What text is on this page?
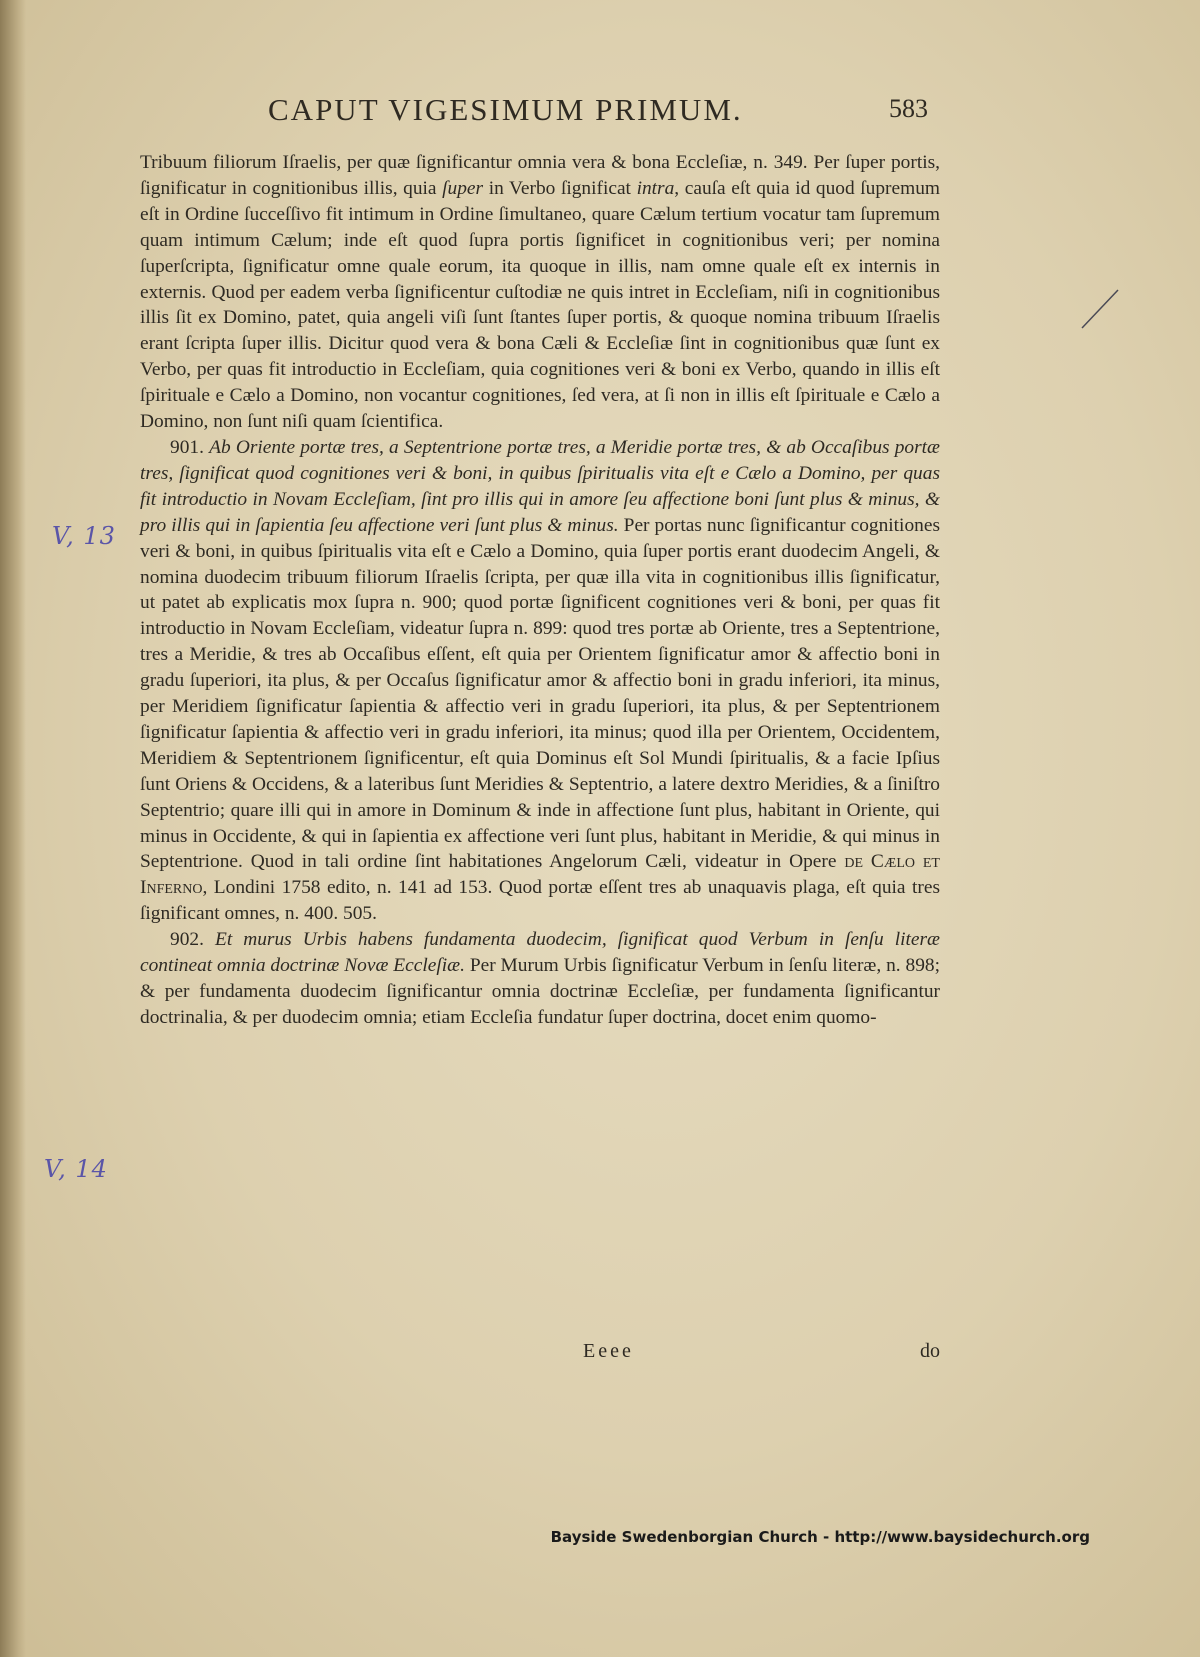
CAPUT VIGESIMUM PRIMUM.	583
V, 13
V, 14

Tribuum filiorum Iſraelis, per quæ ſignificantur omnia vera & bona Eccleſiæ, n. 349. Per ſuper portis, ſignificatur in cognitionibus illis, quia ſuper in Verbo ſignificat intra, cauſa eſt quia id quod ſupremum eſt in Ordine ſucceſſivo fit intimum in Ordine ſimultaneo, quare Cælum tertium vocatur tam ſupremum quam intimum Cælum; inde eſt quod ſupra portis ſignificet in cognitionibus veri; per nomina ſuperſcripta, ſignificatur omne quale eorum, ita quoque in illis, nam omne quale eſt ex internis in externis. Quod per eadem verba ſignificentur cuſtodiæ ne quis intret in Eccleſiam, niſi in cognitionibus illis ſit ex Domino, patet, quia angeli viſi ſunt ſtantes ſuper portis, & quoque nomina tribuum Iſraelis erant ſcripta ſuper illis. Dicitur quod vera & bona Cæli & Eccleſiæ ſint in cognitionibus quæ ſunt ex Verbo, per quas fit introductio in Eccleſiam, quia cognitiones veri & boni ex Verbo, quando in illis eſt ſpirituale e Cælo a Domino, non vocantur cognitiones, ſed vera, at ſi non in illis eſt ſpirituale e Cælo a Domino, non ſunt niſi quam ſcientifica.

901. Ab Oriente portæ tres, a Septentrione portæ tres, a Meridie portæ tres, & ab Occaſibus portæ tres, ſignificat quod cognitiones veri & boni, in quibus ſpiritualis vita eſt e Cælo a Domino, per quas fit introductio in Novam Eccleſiam, ſint pro illis qui in amore ſeu affectione boni ſunt plus & minus, & pro illis qui in ſapientia ſeu affectione veri ſunt plus & minus. Per portas nunc ſignificantur cognitiones veri & boni, in quibus ſpiritualis vita eſt e Cælo a Domino, quia ſuper portis erant duodecim Angeli, & nomina duodecim tribuum filiorum Iſraelis ſcripta, per quæ illa vita in cognitionibus illis ſignificatur, ut patet ab explicatis mox ſupra n. 900; quod portæ ſignificent cognitiones veri & boni, per quas fit introductio in Novam Eccleſiam, videatur ſupra n. 899: quod tres portæ ab Oriente, tres a Septentrione, tres a Meridie, & tres ab Occaſibus eſſent, eſt quia per Orientem ſignificatur amor & affectio boni in gradu ſuperiori, ita plus, & per Occaſus ſignificatur amor & affectio boni in gradu inferiori, ita minus, per Meridiem ſignificatur ſapientia & affectio veri in gradu ſuperiori, ita plus, & per Septentrionem ſignificatur ſapientia & affectio veri in gradu inferiori, ita minus; quod illa per Orientem, Occidentem, Meridiem & Septentrionem ſignificentur, eſt quia Dominus eſt Sol Mundi ſpiritualis, & a facie Ipſius ſunt Oriens & Occidens, & a lateribus ſunt Meridies & Septentrio, a latere dextro Meridies, & a ſiniſtro Septentrio; quare illi qui in amore in Dominum & inde in affectione ſunt plus, habitant in Oriente, qui minus in Occidente, & qui in ſapientia ex affectione veri ſunt plus, habitant in Meridie, & qui minus in Septentrione. Quod in tali ordine ſint habitationes Angelorum Cæli, videatur in Opere de Cælo et Inferno, Londini 1758 edito, n. 141 ad 153. Quod portæ eſſent tres ab unaquavis plaga, eſt quia tres ſignificant omnes, n. 400. 505.

902. Et murus Urbis habens fundamenta duodecim, ſignificat quod Verbum in ſenſu literæ contineat omnia doctrinæ Novæ Eccleſiæ. Per Murum Urbis ſignificatur Verbum in ſenſu literæ, n. 898; & per fundamenta duodecim ſignificantur omnia doctrinæ Eccleſiæ, per fundamenta ſignificantur doctrinalia, & per duodecim omnia; etiam Eccleſia fundatur ſuper doctrina, docet enim quomo-

Eeee	do
Bayside Swedenborgian Church - http://www.baysidechurch.org
